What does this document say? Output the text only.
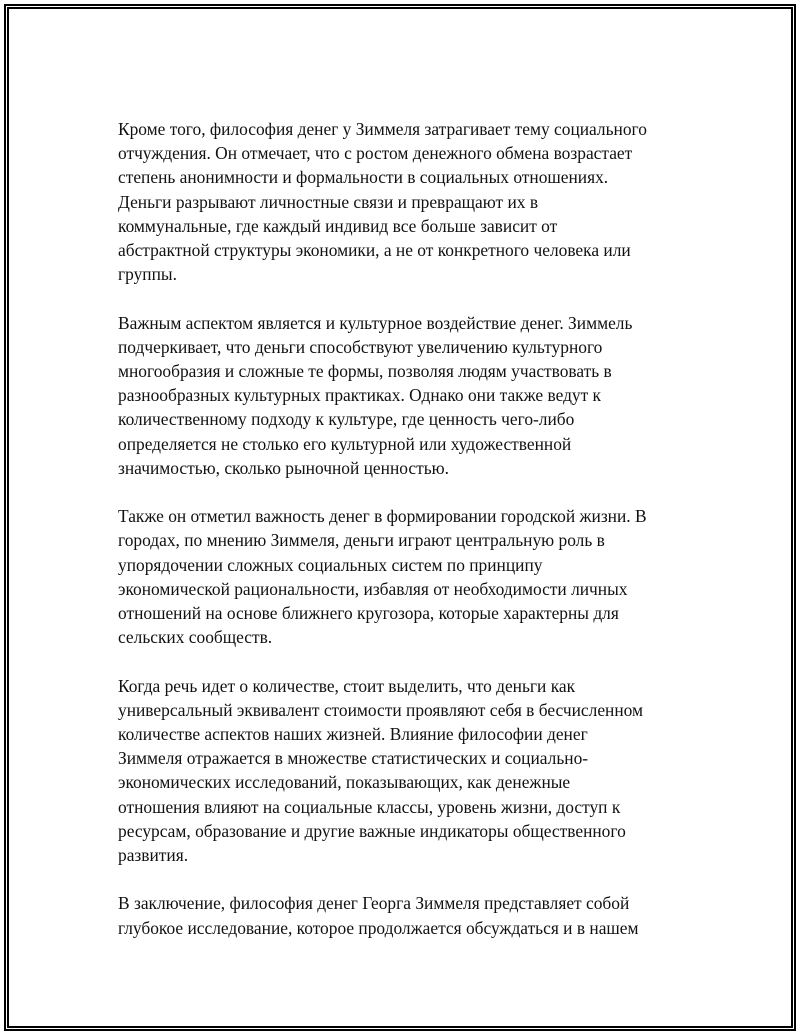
Кроме того, философия денег у Зиммеля затрагивает тему социального
отчуждения. Он отмечает, что с ростом денежного обмена возрастает
степень анонимности и формальности в социальных отношениях.
Деньги разрывают личностные связи и превращают их в
коммунальные, где каждый индивид все больше зависит от
абстрактной структуры экономики, а не от конкретного человека или
группы.

Важным аспектом является и культурное воздействие денег. Зиммель
подчеркивает, что деньги способствуют увеличению культурного
многообразия и сложные те формы, позволяя людям участвовать в
разнообразных культурных практиках. Однако они также ведут к
количественному подходу к культуре, где ценность чего-либо
определяется не столько его культурной или художественной
значимостью, сколько рыночной ценностью.

Также он отметил важность денег в формировании городской жизни. В
городах, по мнению Зиммеля, деньги играют центральную роль в
упорядочении сложных социальных систем по принципу
экономической рациональности, избавляя от необходимости личных
отношений на основе ближнего кругозора, которые характерны для
сельских сообществ.

Когда речь идет о количестве, стоит выделить, что деньги как
универсальный эквивалент стоимости проявляют себя в бесчисленном
количестве аспектов наших жизней. Влияние философии денег
Зиммеля отражается в множестве статистических и социально-
экономических исследований, показывающих, как денежные
отношения влияют на социальные классы, уровень жизни, доступ к
ресурсам, образование и другие важные индикаторы общественного
развития.

В заключение, философия денег Георга Зиммеля представляет собой
глубокое исследование, которое продолжается обсуждаться и в нашем
